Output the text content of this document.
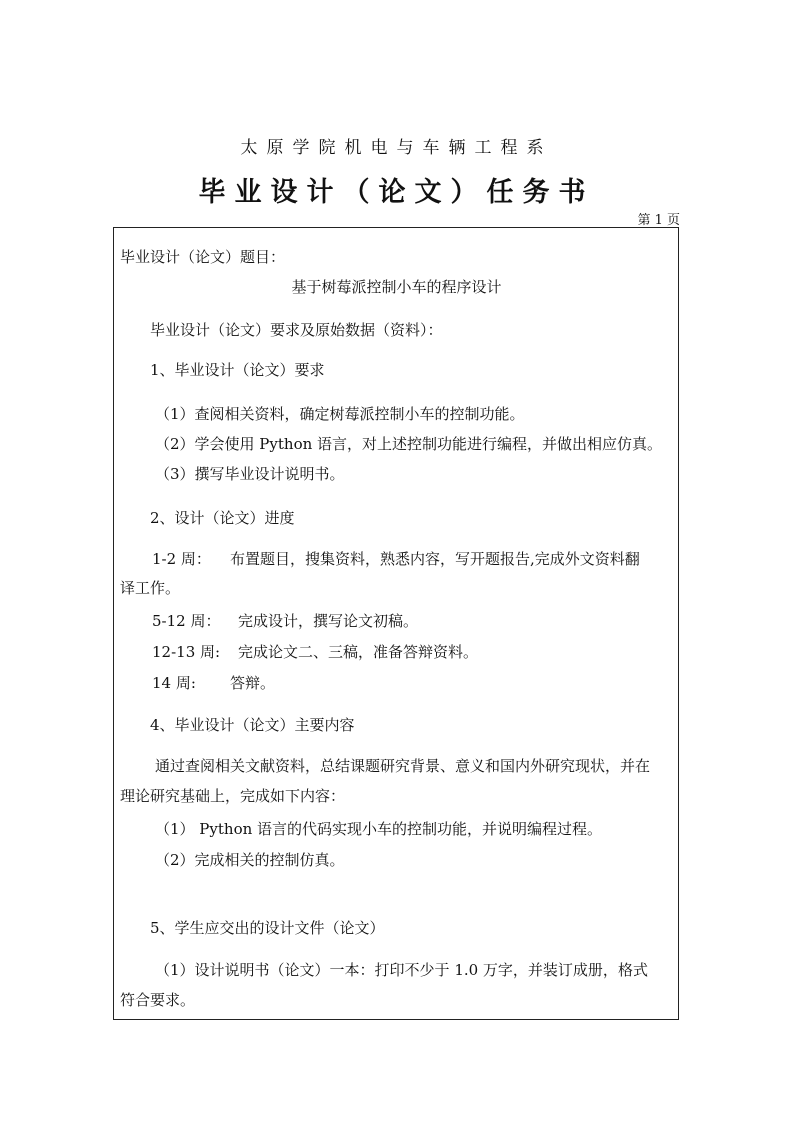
太原学院机电与车辆工程系
毕业设计（论文）任务书
第 1 页
毕业设计（论文）题目：
基于树莓派控制小车的程序设计
毕业设计（论文）要求及原始数据（资料）：
1、毕业设计（论文）要求
（1）查阅相关资料，确定树莓派控制小车的控制功能。
（2）学会使用 Python 语言，对上述控制功能进行编程，并做出相应仿真。
（3）撰写毕业设计说明书。
2、设计（论文）进度
1-2 周： 布置题目，搜集资料，熟悉内容，写开题报告,完成外文资料翻
译工作。
5-12 周： 完成设计，撰写论文初稿。
12-13 周: 完成论文二、三稿，准备答辩资料。
14 周: 答辩。
4、毕业设计（论文）主要内容
通过查阅相关文献资料，总结课题研究背景、意义和国内外研究现状，并在
理论研究基础上，完成如下内容：
（1） Python 语言的代码实现小车的控制功能，并说明编程过程。
（2）完成相关的控制仿真。
5、学生应交出的设计文件（论文）
（1）设计说明书（论文）一本：打印不少于 1.0 万字，并装订成册，格式
符合要求。
